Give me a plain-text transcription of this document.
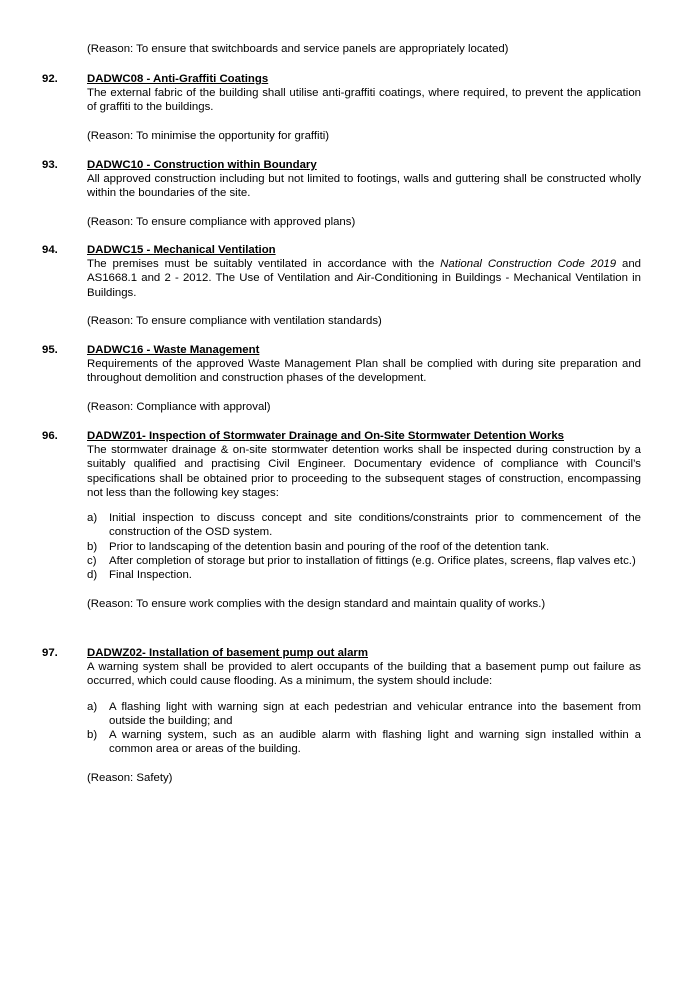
(Reason: To ensure that switchboards and service panels are appropriately located)
92.	DADWC08 - Anti-Graffiti Coatings

The external fabric of the building shall utilise anti-graffiti coatings, where required, to prevent the application of graffiti to the buildings.

(Reason: To minimise the opportunity for graffiti)

93.	DADWC10 - Construction within Boundary

All approved construction including but not limited to footings, walls and guttering shall be constructed wholly within the boundaries of the site.

(Reason: To ensure compliance with approved plans)

94.	DADWC15 - Mechanical Ventilation

The premises must be suitably ventilated in accordance with the National Construction Code 2019 and AS1668.1 and 2 - 2012. The Use of Ventilation and Air-Conditioning in Buildings - Mechanical Ventilation in Buildings.

(Reason: To ensure compliance with ventilation standards)

95.	DADWC16 - Waste Management

Requirements of the approved Waste Management Plan shall be complied with during site preparation and throughout demolition and construction phases of the development.

(Reason: Compliance with approval)

96.	DADWZ01- Inspection of Stormwater Drainage and On-Site Stormwater Detention Works

The stormwater drainage & on-site stormwater detention works shall be inspected during construction by a suitably qualified and practising Civil Engineer. Documentary evidence of compliance with Council’s specifications shall be obtained prior to proceeding to the subsequent stages of construction, encompassing not less than the following key stages:

a) Initial inspection to discuss concept and site conditions/constraints prior to commencement of the construction of the OSD system.
b) Prior to landscaping of the detention basin and pouring of the roof of the detention tank.
c) After completion of storage but prior to installation of fittings (e.g. Orifice plates, screens, flap valves etc.)
d) Final Inspection.

(Reason: To ensure work complies with the design standard and maintain quality of works.)

97.	DADWZ02- Installation of basement pump out alarm

A warning system shall be provided to alert occupants of the building that a basement pump out failure as occurred, which could cause flooding. As a minimum, the system should include:

a) A flashing light with warning sign at each pedestrian and vehicular entrance into the basement from outside the building; and
b) A warning system, such as an audible alarm with flashing light and warning sign installed within a common area or areas of the building.

(Reason: Safety)
